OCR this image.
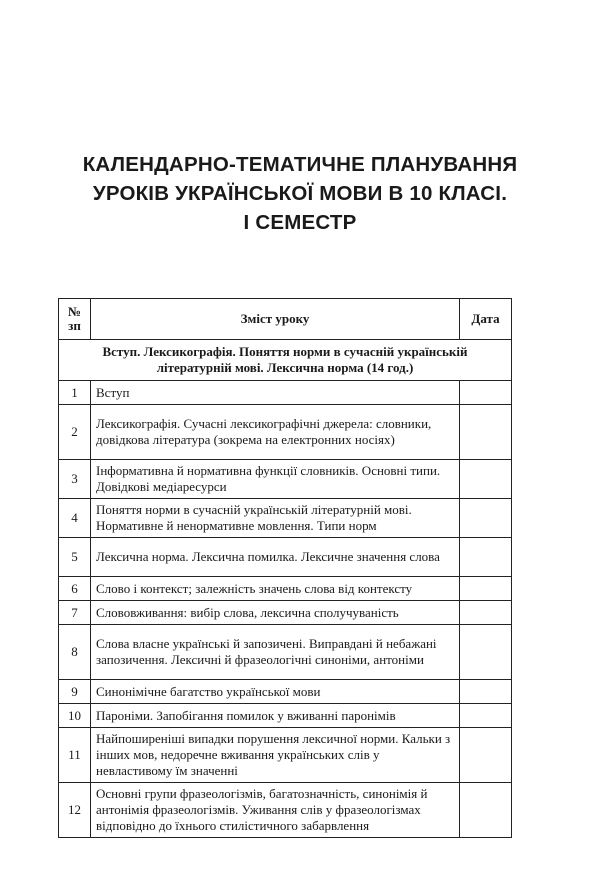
КАЛЕНДАРНО-ТЕМАТИЧНЕ ПЛАНУВАННЯ
УРОКІВ УКРАЇНСЬКОЇ МОВИ В 10 КЛАСІ.
І СЕМЕСТР
№ зп	Зміст уроку	Дата
Вступ. Лексикографія. Поняття норми в сучасній українській літературній мові. Лексична норма (14 год.)		
1	Вступ	
2	Лексикографія. Сучасні лексикографічні джерела: словники, довідкова література (зокрема на електронних носіях)	
3	Інформативна й нормативна функції словників. Основні типи. Довідкові медіаресурси	
4	Поняття норми в сучасній українській літературній мові. Нормативне й ненормативне мовлення. Типи норм	
5	Лексична норма. Лексична помилка. Лексичне значення слова	
6	Слово і контекст; залежність значень слова від контексту	
7	Слововживання: вибір слова, лексична сполучуваність	
8	Слова власне українські й запозичені. Виправдані й небажані запозичення. Лексичні й фразеологічні синоніми, антоніми	
9	Синонімічне багатство української мови	
10	Пароніми. Запобігання помилок у вживанні паронімів	
11	Найпоширеніші випадки порушення лексичної норми. Кальки з інших мов, недоречне вживання українських слів у невластивому їм значенні	
12	Основні групи фразеологізмів, багатозначність, синонімія й антонімія фразеологізмів. Уживання слів у фразеологізмах відповідно до їхнього стилістичного забарвлення	
